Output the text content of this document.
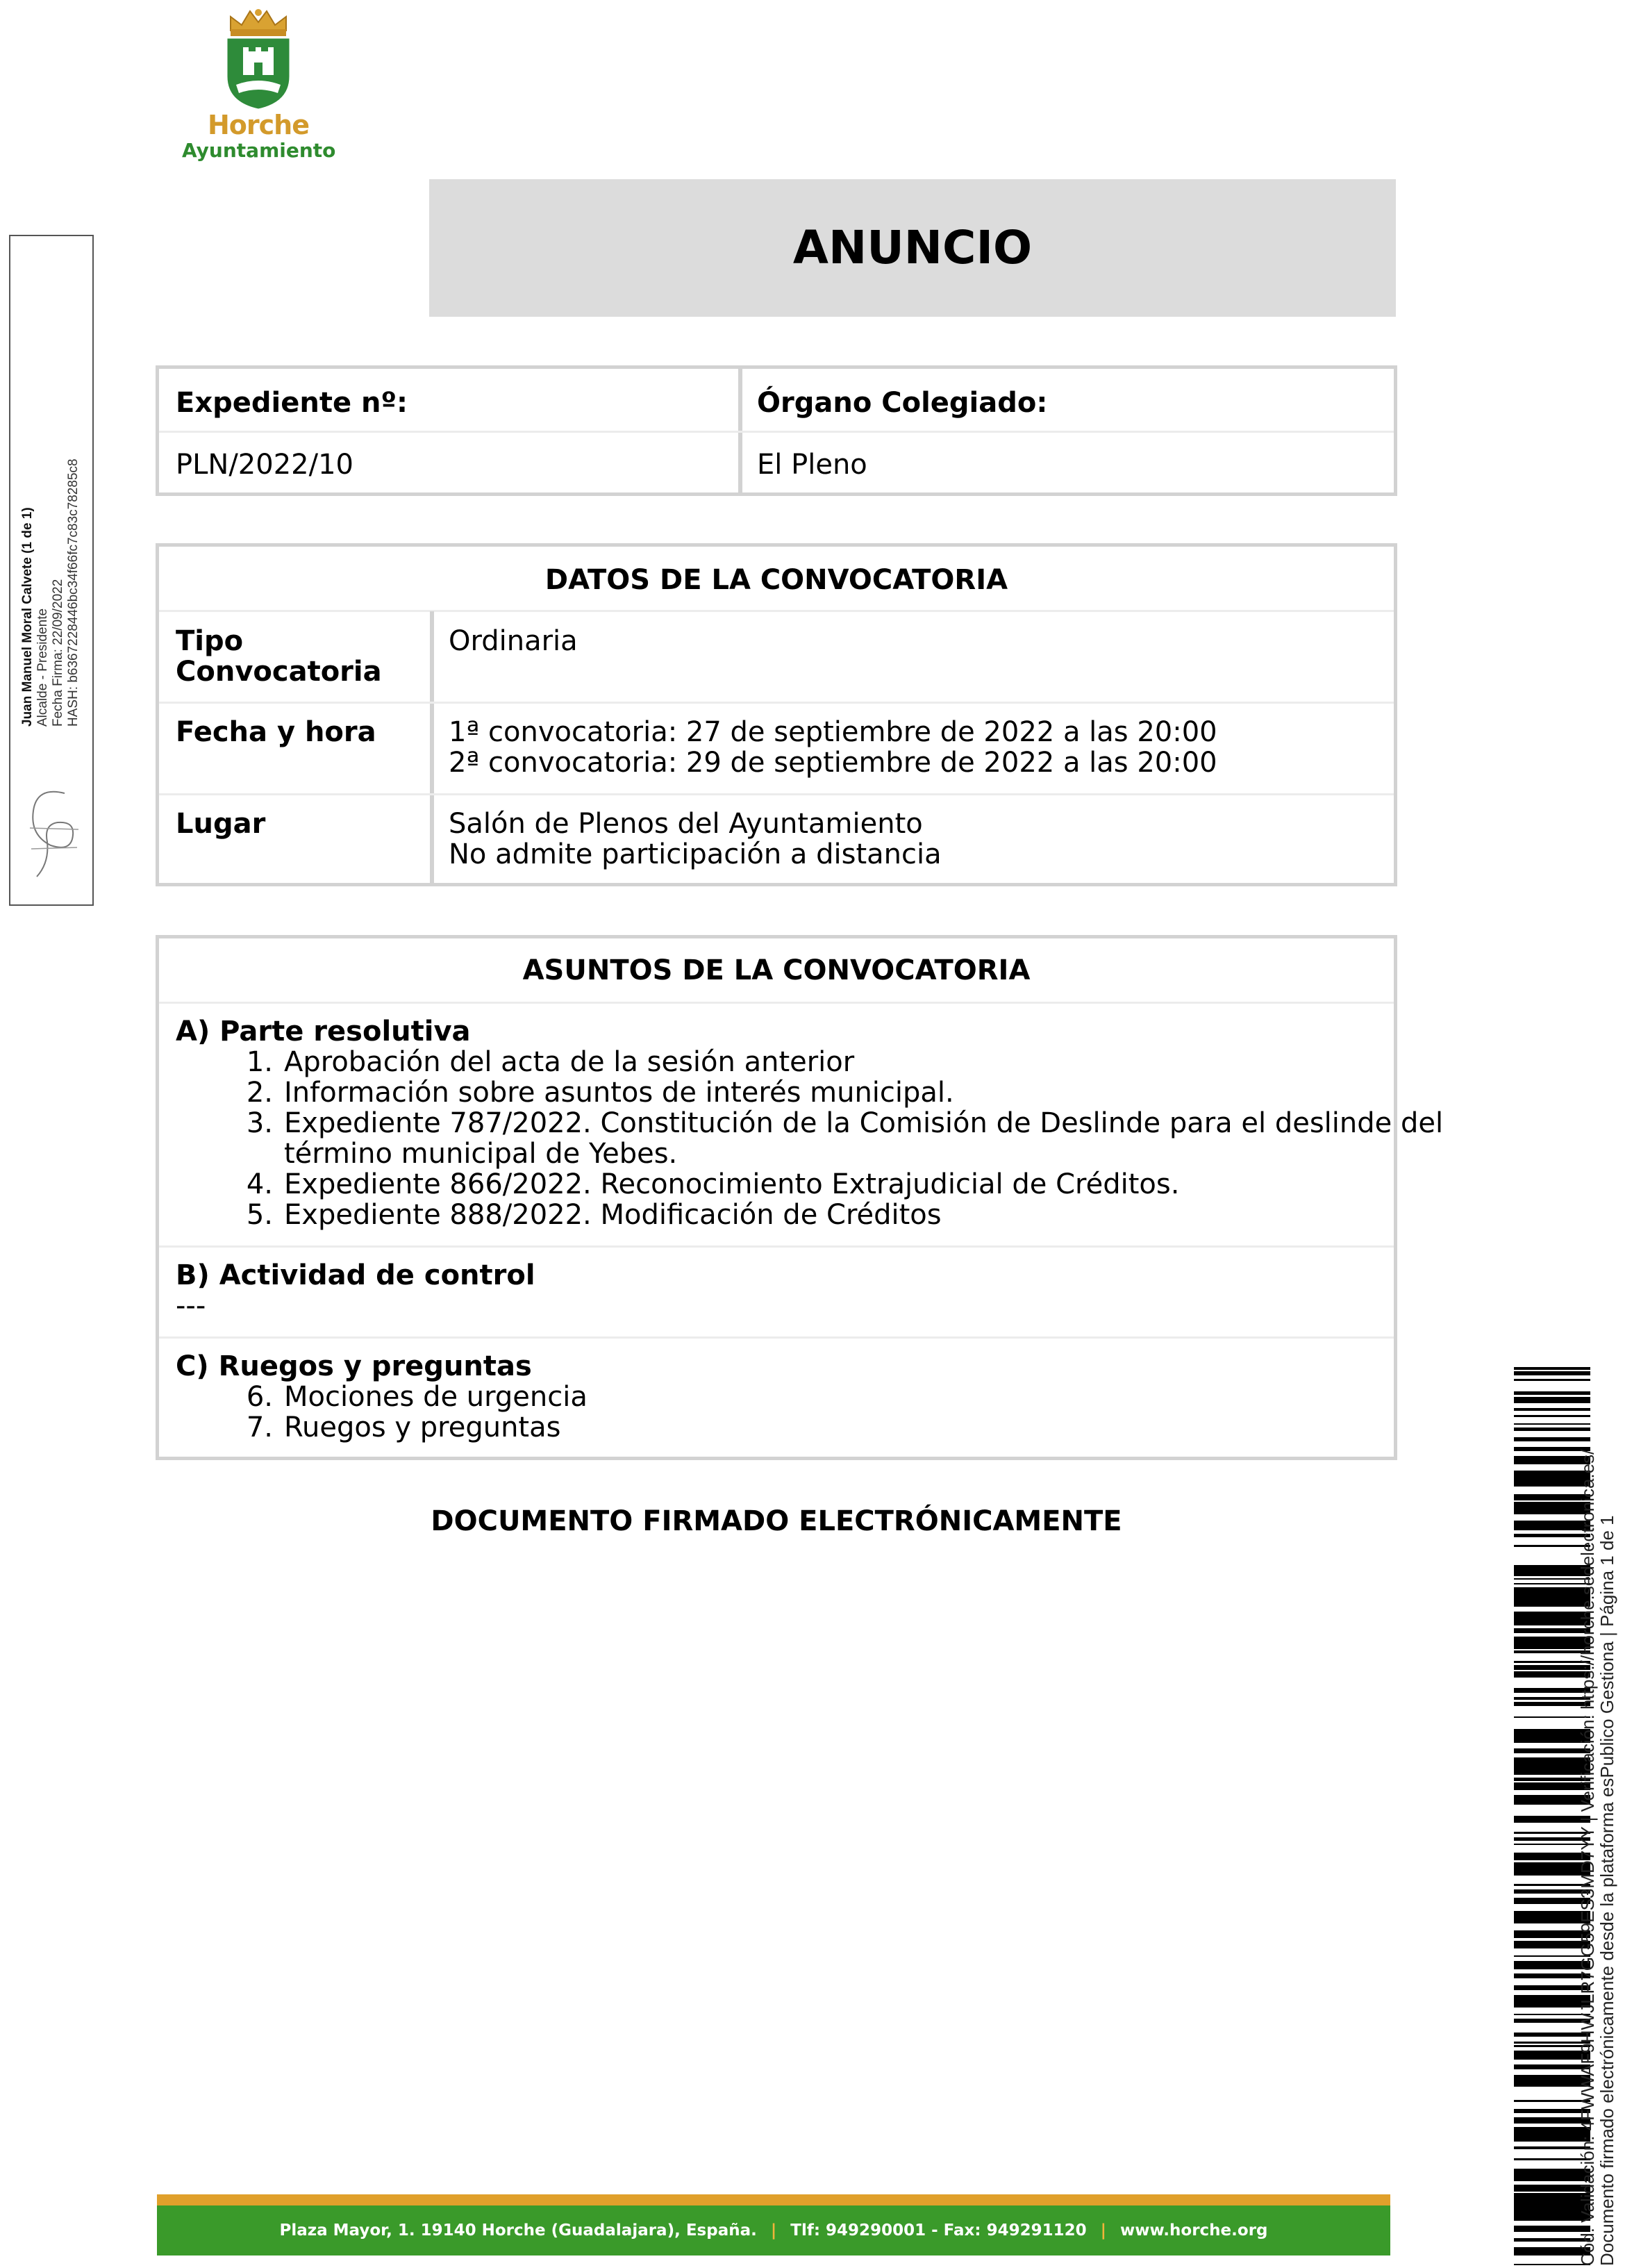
Horche
Ayuntamiento
ANUNCIO
Expediente nº:
PLN/2022/10
Órgano Colegiado:
El Pleno
DATOS DE LA CONVOCATORIA
Tipo
Convocatoria
Ordinaria
Fecha y hora	1ª convocatoria: 27 de septiembre de 2022 a las 20:00
2ª convocatoria: 29 de septiembre de 2022 a las 20:00
Lugar	Salón de Plenos del Ayuntamiento
No admite participación a distancia
ASUNTOS DE LA CONVOCATORIA
A) Parte resolutiva
1. Aprobación del acta de la sesión anterior
2. Información sobre asuntos de interés municipal.
3. Expediente 787/2022. Constitución de la Comisión de Deslinde para el deslinde del
término municipal de Yebes.
4. Expediente 866/2022. Reconocimiento Extrajudicial de Créditos.
5. Expediente 888/2022. Modificación de Créditos
B) Actividad de control
---
C) Ruegos y preguntas
6. Mociones de urgencia
7. Ruegos y preguntas
DOCUMENTO FIRMADO ELECTRÓNICAMENTE
Juan Manuel Moral Calvete (1 de 1) Alcalde - Presidente Fecha Firma: 22/09/2022 HASH: b6367228446bc34f66fc7c83c78285c8
Cód. Validación: 4FWWAF9HWJLR7GG59ES3MD7YY | Verificación: https://horche.sedelectronica.es/
Documento firmado electrónicamente desde la plataforma esPublico Gestiona | Página 1 de 1
Plaza Mayor, 1. 19140 Horche (Guadalajara), España. | Tlf: 949290001 - Fax: 949291120 | www.horche.org
